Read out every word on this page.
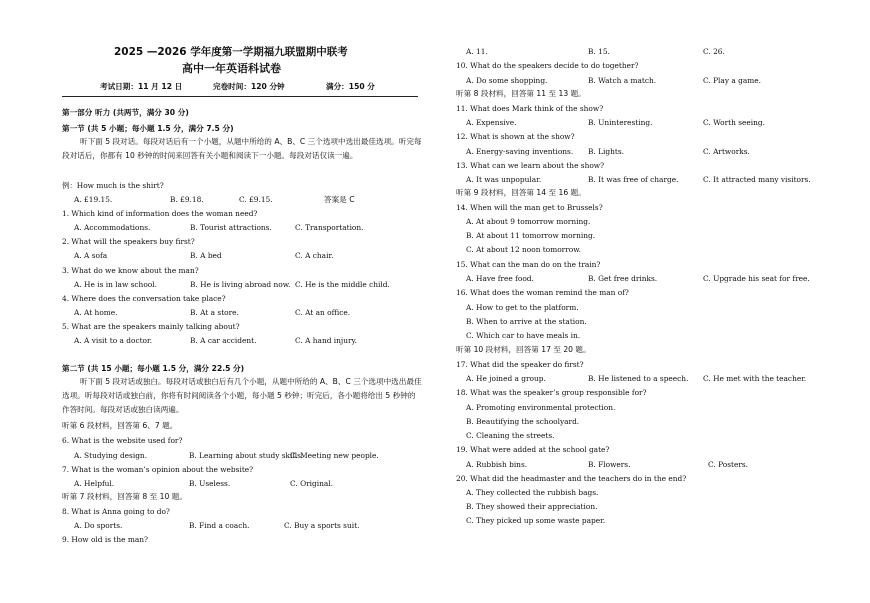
2025 —2026 学年度第一学期福九联盟期中联考
高中一年英语科试卷
考试日期：11 月 12 日	完卷时间：120 分钟	满分：150 分
第一部分 听力 (共两节，满分 30 分)
第一节 (共 5 小题；每小题 1.5 分，满分 7.5 分)
听下面 5 段对话。每段对话后有一个小题，从题中所给的 A、B、C 三个选项中选出最佳选项。听完每段对话后，你都有 10 秒钟的时间来回答有关小题和阅读下一小题。每段对话仅读一遍。
例：How much is the shirt?
A. £19.15.	B. £9.18.	C. £9.15.	答案是 C
1. Which kind of information does the woman need?
A. Accommodations.	B. Tourist attractions.	C. Transportation.
2. What will the speakers buy first?
A. A sofa	B. A bed	C. A chair.
3. What do we know about the man?
A. He is in law school.	B. He is living abroad now. C. He is the middle child.
4. Where does the conversation take place?
A. At home.	B. At a store.	C. At an office.
5. What are the speakers mainly talking about?
A. A visit to a doctor.	B. A car accident.	C. A hand injury.
第二节 (共 15 小题；每小题 1.5 分，满分 22.5 分)
听下面 5 段对话或独白。每段对话或独白后有几个小题，从题中所给的 A、B、C 三个选项中选出最佳选项。听每段对话或独白前，你将有时间阅读各个小题，每小题 5 秒钟；听完后，各小题将给出 5 秒钟的作答时间。每段对话或独白读两遍。
听第 6 段材料，回答第 6、7 题。
6. What is the website used for?
A. Studying design.	B. Learning about study skills.
C. Meeting new people.
7. What is the woman’s opinion about the website?
A. Helpful.	B. Useless.	C. Original.
听第 7 段材料，回答第 8 至 10 题。
8. What is Anna going to do?
A. Do sports.	B. Find a coach.	C. Buy a sports suit.
9. How old is the man?
A. 11.	B. 15.	C. 26.
10. What do the speakers decide to do together?
A. Do some shopping.	B. Watch a match.	C. Play a game.
听第 8 段材料，回答第 11 至 13 题。
11. What does Mark think of the show?
A. Expensive.	B. Uninteresting.	C. Worth seeing.
12. What is shown at the show?
A. Energy-saving inventions. B. Lights.	C. Artworks.
13. What can we learn about the show?
A. It was unpopular.	B. It was free of charge.	C. It attracted many visitors.
听第 9 段材料，回答第 14 至 16 题。
14. When will the man get to Brussels?
A. At about 9 tomorrow morning.
B. At about 11 tomorrow morning.
C. At about 12 noon tomorrow.
15. What can the man do on the train?
A. Have free food.	B. Get free drinks.	C. Upgrade his seat for free.
16. What does the woman remind the man of?
A. How to get to the platform.
B. When to arrive at the station.
C. Which car to have meals in.
听第 10 段材料，回答第 17 至 20 题。
17. What did the speaker do first?
A. He joined a group.	B. He listened to a speech. C. He met with the teacher.
18. What was the speaker’s group responsible for?
A. Promoting environmental protection.
B. Beautifying the schoolyard.
C. Cleaning the streets.
19. What were added at the school gate?
A. Rubbish bins.	B. Flowers.	C. Posters.
20. What did the headmaster and the teachers do in the end?
A. They collected the rubbish bags.
B. They showed their appreciation.
C. They picked up some waste paper.
